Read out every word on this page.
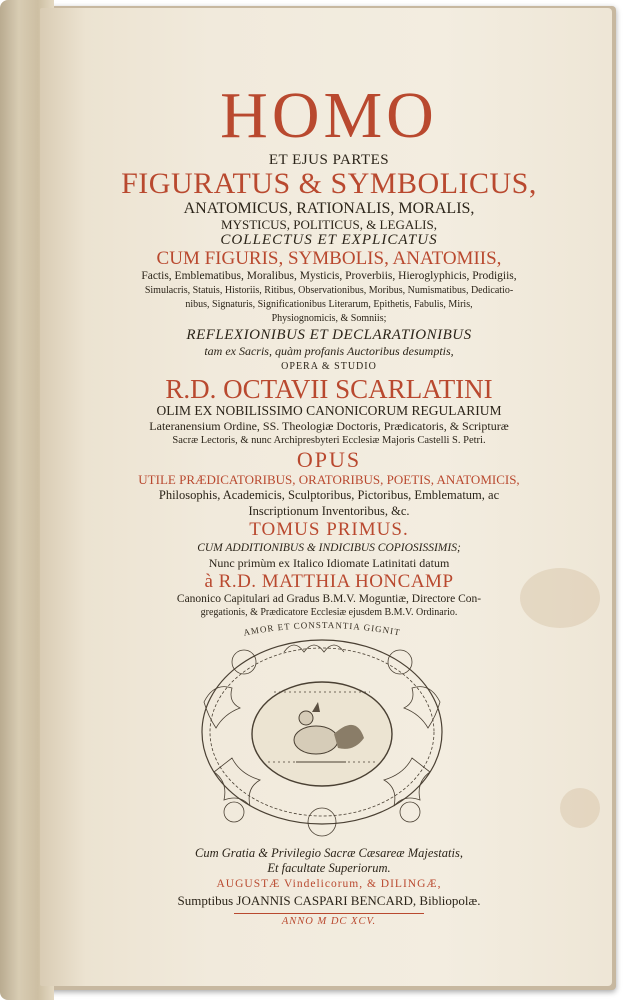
HOMO
ET EJUS PARTES
FIGURATUS & SYMBOLICUS,
ANATOMICUS, RATIONALIS, MORALIS,
MYSTICUS, POLITICUS, & LEGALIS,
COLLECTUS ET EXPLICATUS
CUM FIGURIS, SYMBOLIS, ANATOMIIS,
Factis, Emblematibus, Moralibus, Mysticis, Proverbiis, Hieroglyphicis, Prodigiis,
Simulacris, Statuis, Historiis, Ritibus, Observationibus, Moribus, Numismatibus, Dedicatio-
nibus, Signaturis, Significationibus Literarum, Epithetis, Fabulis, Miris,
Physiognomicis, & Somniis;
REFLEXIONIBUS ET DECLARATIONIBUS
tam ex Sacris, quàm profanis Auctoribus desumptis,
OPERA & STUDIO
R.D. OCTAVII SCARLATINI
OLIM EX NOBILISSIMO CANONICORUM REGULARIUM
Lateranensium Ordine, SS. Theologiæ Doctoris, Prædicatoris, & Scripturæ
Sacræ Lectoris, & nunc Archipresbyteri Ecclesiæ Majoris Castelli S. Petri.
OPUS
UTILE PRÆDICATORIBUS, ORATORIBUS, POETIS, ANATOMICIS,
Philosophis, Academicis, Sculptoribus, Pictoribus, Emblematum, ac
Inscriptionum Inventoribus, &c.
TOMUS PRIMUS.
CUM ADDITIONIBUS & INDICIBUS COPIOSISSIMIS;
Nunc primùm ex Italico Idiomate Latinitati datum
à R.D. MATTHIA HONCAMP
Canonico Capitulari ad Gradus B.M.V. Moguntiæ, Directore Con-
gregationis, & Prædicatore Ecclesiæ ejusdem B.M.V. Ordinario.
AMOR ET CONSTANTIA GIGNIT
Cum Gratia & Privilegio Sacræ Cæsareæ Majestatis,
Et facultate Superiorum.
AUGUSTÆ Vindelicorum, & DILINGÆ,
Sumptibus JOANNIS CASPARI BENCARD, Bibliopolæ.
ANNO M DC XCV.
